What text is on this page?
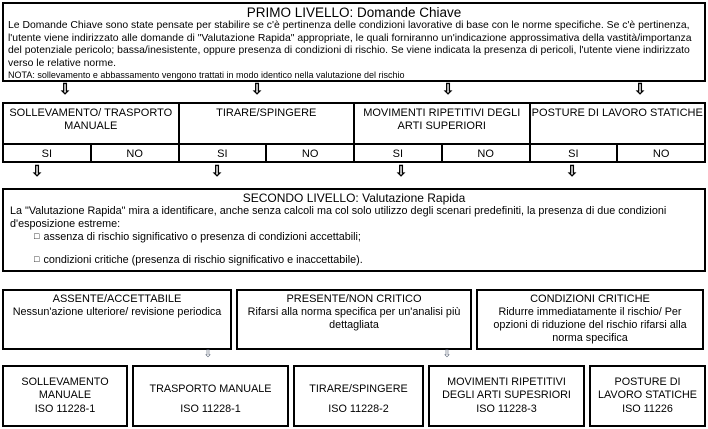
PRIMO LIVELLO: Domande Chiave
Le Domande Chiave sono state pensate per stabilire se c'è pertinenza delle condizioni lavorative di base con le norme specifiche. Se c'è pertinenza, l'utente viene indirizzato alle domande di "Valutazione Rapida" appropriate, le quali forniranno un'indicazione approssimativa della vastità/importanza del potenziale pericolo; bassa/inesistente, oppure presenza di condizioni di rischio. Se viene indicata la presenza di pericoli, l'utente viene indirizzato verso le relative norme.
NOTA: sollevamento e abbassamento vengono trattati in modo identico nella valutazione del rischio
⇩	⇩	⇩	⇩
SOLLEVAMENTO/ TRASPORTO MANUALE
SI	NO
TIRARE/SPINGERE
SI	NO
MOVIMENTI RIPETITIVI DEGLI ARTI SUPERIORI
SI	NO
POSTURE DI LAVORO STATICHE
SI	NO
⇩	⇩	⇩	⇩
SECONDO LIVELLO: Valutazione Rapida
La "Valutazione Rapida" mira a identificare, anche senza calcoli ma col solo utilizzo degli scenari predefiniti, la presenza di due condizioni d'esposizione estreme:
□ assenza di rischio significativo o presenza di condizioni accettabili;
□ condizioni critiche (presenza di rischio significativo e inaccettabile).
ASSENTE/ACCETTABILE
Nessun'azione ulteriore/ revisione periodica
PRESENTE/NON CRITICO
Rifarsi alla norma specifica per un'analisi più dettagliata
CONDIZIONI CRITICHE
Ridurre immediatamente il rischio/ Per opzioni di riduzione del rischio rifarsi alla norma specifica
⇩	⇩
SOLLEVAMENTO MANUALE
ISO 11228-1
TRASPORTO MANUALE
ISO 11228-1
TIRARE/SPINGERE
ISO 11228-2
MOVIMENTI RIPETITIVI DEGLI ARTI SUPESRIORI
ISO 11228-3
POSTURE DI LAVORO STATICHE
ISO 11226
